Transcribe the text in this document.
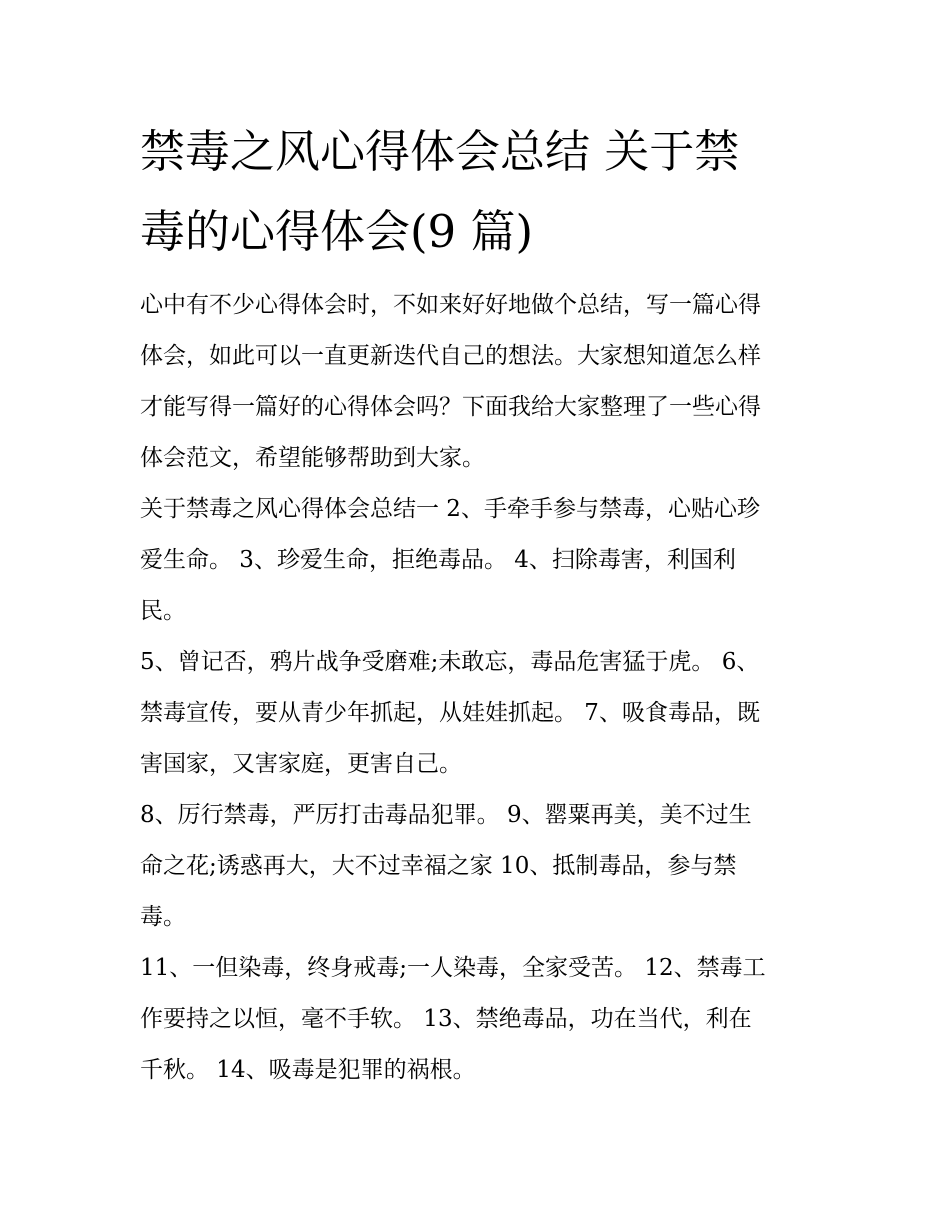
禁毒之风心得体会总结 关于禁
毒的心得体会(9 篇)

心中有不少心得体会时，不如来好好地做个总结，写一篇心得
体会，如此可以一直更新迭代自己的想法。大家想知道怎么样
才能写得一篇好的心得体会吗？下面我给大家整理了一些心得
体会范文，希望能够帮助到大家。

关于禁毒之风心得体会总结一 2、手牵手参与禁毒，心贴心珍
爱生命。 3、珍爱生命，拒绝毒品。 4、扫除毒害，利国利
民。

5、曾记否，鸦片战争受磨难;未敢忘，毒品危害猛于虎。 6、
禁毒宣传，要从青少年抓起，从娃娃抓起。 7、吸食毒品，既
害国家，又害家庭，更害自己。

8、厉行禁毒，严厉打击毒品犯罪。 9、罂粟再美，美不过生
命之花;诱惑再大，大不过幸福之家 10、抵制毒品，参与禁
毒。

11、一但染毒，终身戒毒;一人染毒，全家受苦。 12、禁毒工
作要持之以恒，毫不手软。 13、禁绝毒品，功在当代，利在
千秋。 14、吸毒是犯罪的祸根。
